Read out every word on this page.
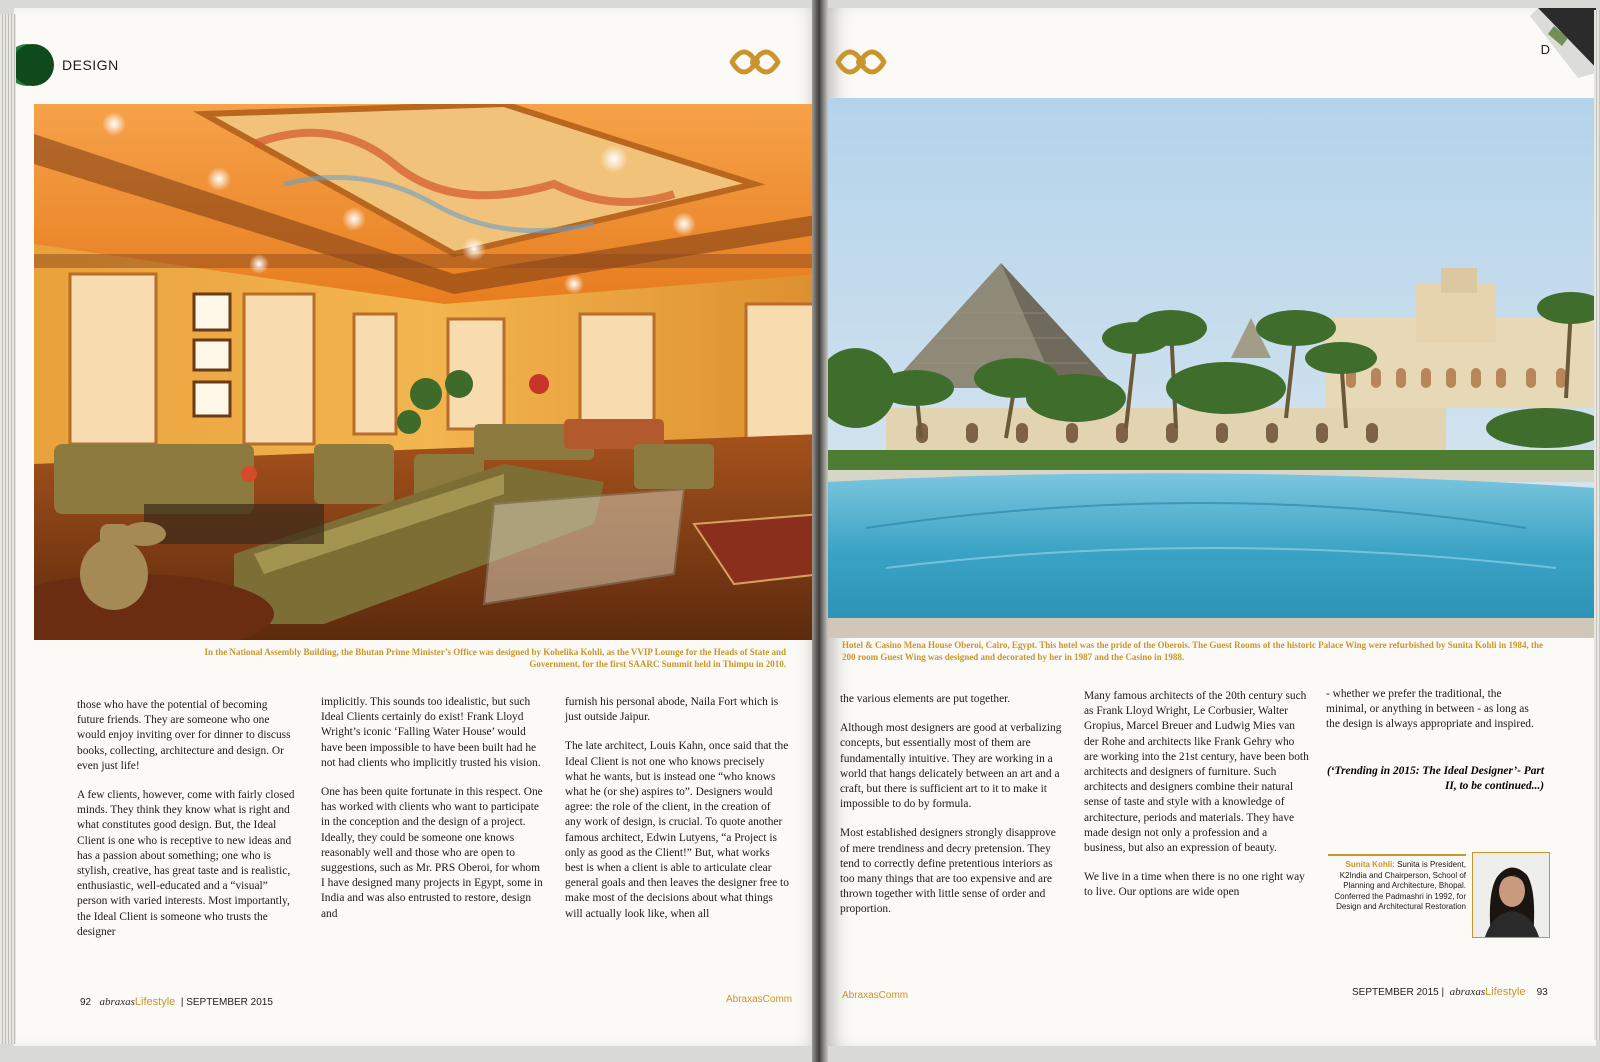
DESIGN
In the National Assembly Building, the Bhutan Prime Minister’s Office was designed by Kohelika Kohli, as the VVIP Lounge for the Heads of State and Government, for the first SAARC Summit held in Thimpu in 2010.

those who have the potential of becoming future friends. They are someone who one would enjoy inviting over for dinner to discuss books, collecting, architecture and design. Or even just life!

A few clients, however, come with fairly closed minds. They think they know what is right and what constitutes good design. But, the Ideal Client is one who is receptive to new ideas and has a passion about something; one who is stylish, creative, has great taste and is realistic, enthusiastic, well-educated and a “visual” person with varied interests. Most importantly, the Ideal Client is someone who trusts the designer

implicitly. This sounds too idealistic, but such Ideal Clients certainly do exist! Frank Lloyd Wright’s iconic ‘Falling Water House’ would have been impossible to have been built had he not had clients who implicitly trusted his vision.

One has been quite fortunate in this respect. One has worked with clients who want to participate in the conception and the design of a project. Ideally, they could be someone one knows reasonably well and those who are open to suggestions, such as Mr. PRS Oberoi, for whom I have designed many projects in Egypt, some in India and was also entrusted to restore, design and

furnish his personal abode, Naila Fort which is just outside Jaipur.

The late architect, Louis Kahn, once said that the Ideal Client is not one who knows precisely what he wants, but is instead one “who knows what he (or she) aspires to”. Designers would agree: the role of the client, in the creation of any work of design, is crucial. To quote another famous architect, Edwin Lutyens, “a Project is only as good as the Client!” But, what works best is when a client is able to articulate clear general goals and then leaves the designer free to make most of the decisions about what things will actually look like, when all

92 abraxasLifestyle | SEPTEMBER 2015	AbraxasComm
D
Hotel & Casino Mena House Oberoi, Cairo, Egypt. This hotel was the pride of the Oberois. The Guest Rooms of the historic Palace Wing were refurbished by Sunita Kohli in 1984, the 200 room Guest Wing was designed and decorated by her in 1987 and the Casino in 1988.

the various elements are put together.

Although most designers are good at verbalizing concepts, but essentially most of them are fundamentally intuitive. They are working in a world that hangs delicately between an art and a craft, but there is sufficient art to it to make it impossible to do by formula.

Most established designers strongly disapprove of mere trendiness and decry pretension. They tend to correctly define pretentious interiors as too many things that are too expensive and are thrown together with little sense of order and proportion.

Many famous architects of the 20th century such as Frank Lloyd Wright, Le Corbusier, Walter Gropius, Marcel Breuer and Ludwig Mies van der Rohe and architects like Frank Gehry who are working into the 21st century, have been both architects and designers of furniture. Such architects and designers combine their natural sense of taste and style with a knowledge of architecture, periods and materials. They have made design not only a profession and a business, but also an expression of beauty.

We live in a time when there is no one right way to live. Our options are wide open

- whether we prefer the traditional, the minimal, or anything in between - as long as the design is always appropriate and inspired.

(‘Trending in 2015: The Ideal Designer’- Part II, to be continued...)
Sunita Kohli: Sunita is President, K2India and Chairperson, School of Planning and Architecture, Bhopal. Conferred the Padmashri in 1992, for Design and Architectural Restoration
AbraxasComm	SEPTEMBER 2015 | abraxasLifestyle 93
